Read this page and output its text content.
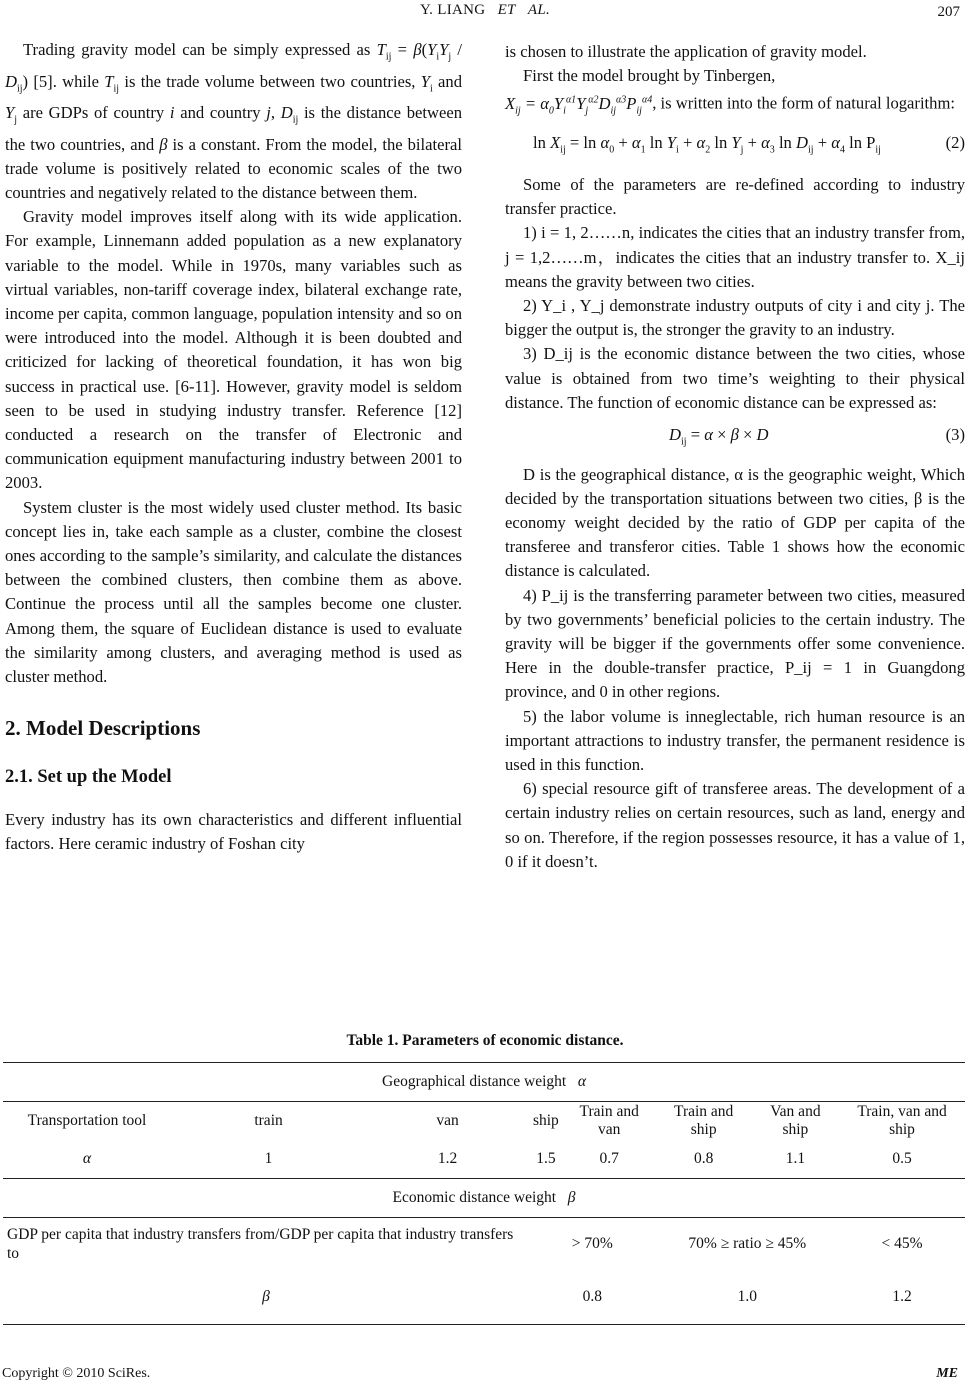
Y. LIANG   ET AL.	207

Trading gravity model can be simply expressed as $T_{ij} = \beta(Y_iY_j / D_{ij})$ [5]. while $T_{ij}$ is the trade volume between two countries, $Y_i$ and $Y_j$ are GDPs of country i and country j, $D_{ij}$ is the distance between the two countries, and β is a constant. From the model, the bilateral trade volume is positively related to economic scales of the two countries and negatively related to the distance between them.

Gravity model improves itself along with its wide application. For example, Linnemann added population as a new explanatory variable to the model. While in 1970s, many variables such as virtual variables, non-tariff coverage index, bilateral exchange rate, income per capita, common language, population intensity and so on were introduced into the model. Although it is been doubted and criticized for lacking of theoretical foundation, it has won big success in practical use. [6-11]. However, gravity model is seldom seen to be used in studying industry transfer. Reference [12] conducted a research on the transfer of Electronic and communication equipment manufacturing industry between 2001 to 2003.

System cluster is the most widely used cluster method. Its basic concept lies in, take each sample as a cluster, combine the closest ones according to the sample’s similarity, and calculate the distances between the combined clusters, then combine them as above. Continue the process until all the samples become one cluster. Among them, the square of Euclidean distance is used to evaluate the similarity among clusters, and averaging method is used as cluster method.

2. Model Descriptions
2.1. Set up the Model

Every industry has its own characteristics and different influential factors. Here ceramic industry of Foshan city

is chosen to illustrate the application of gravity model.

First the model brought by Tinbergen,

$X_{ij} = \alpha_0Y_i^{\alpha 1}Y_j^{\alpha 2}D_{ij}^{\alpha 3}P_{ij}^{\alpha 4}$, is written into the form of natural logarithm:

$\ln X_{ij} = \ln \alpha_0 + \alpha_1$ $\ln Y_i + \alpha_2$ $\ln Y_j + \alpha_3$ $\ln D_{ij} + \alpha_4$ $\ln P_{ij}$	(2)

Some of the parameters are re-defined according to industry transfer practice.

1) i = 1, 2……n, indicates the cities that an industry transfer from, j = 1,2……m，indicates the cities that an industry transfer to. X_ij means the gravity between two cities.

2) Y_i , Y_j demonstrate industry outputs of city i and city j. The bigger the output is, the stronger the gravity to an industry.

3) D_ij is the economic distance between the two cities, whose value is obtained from two time’s weighting to their physical distance. The function of economic distance can be expressed as:

$D_{ij} = \alpha \times \beta \times D$	(3)

D is the geographical distance, α is the geographic weight, Which decided by the transportation situations between two cities, β is the economy weight decided by the ratio of GDP per capita of the transferee and transferor cities. Table 1 shows how the economic distance is calculated.

4) P_ij is the transferring parameter between two cities, measured by two governments’ beneficial policies to the certain industry. The gravity will be bigger if the governments offer some convenience. Here in the double-transfer practice, P_ij = 1 in Guangdong province, and 0 in other regions.

5) the labor volume is inneglectable, rich human resource is an important attractions to industry transfer, the permanent residence is used in this function.

6) special resource gift of transferee areas. The development of a certain industry relies on certain resources, such as land, energy and so on. Therefore, if the region possesses resource, it has a value of 1, 0 if it doesn’t.

Table 1. Parameters of economic distance.
Geographical distance weight α							
Transportation tool	train	van	ship	Train and van	Train and ship	Van and ship	Train, van and ship
α	1	1.2	1.5	0.7	0.8	1.1	0.5
Economic distance weight β							
GDP per capita that industry transfers from/GDP per capita that industry transfers to			> 70%		70% ≥ ratio ≥ 45%		< 45%
β			0.8		1.0		1.2
Copyright © 2010 SciRes.	ME
